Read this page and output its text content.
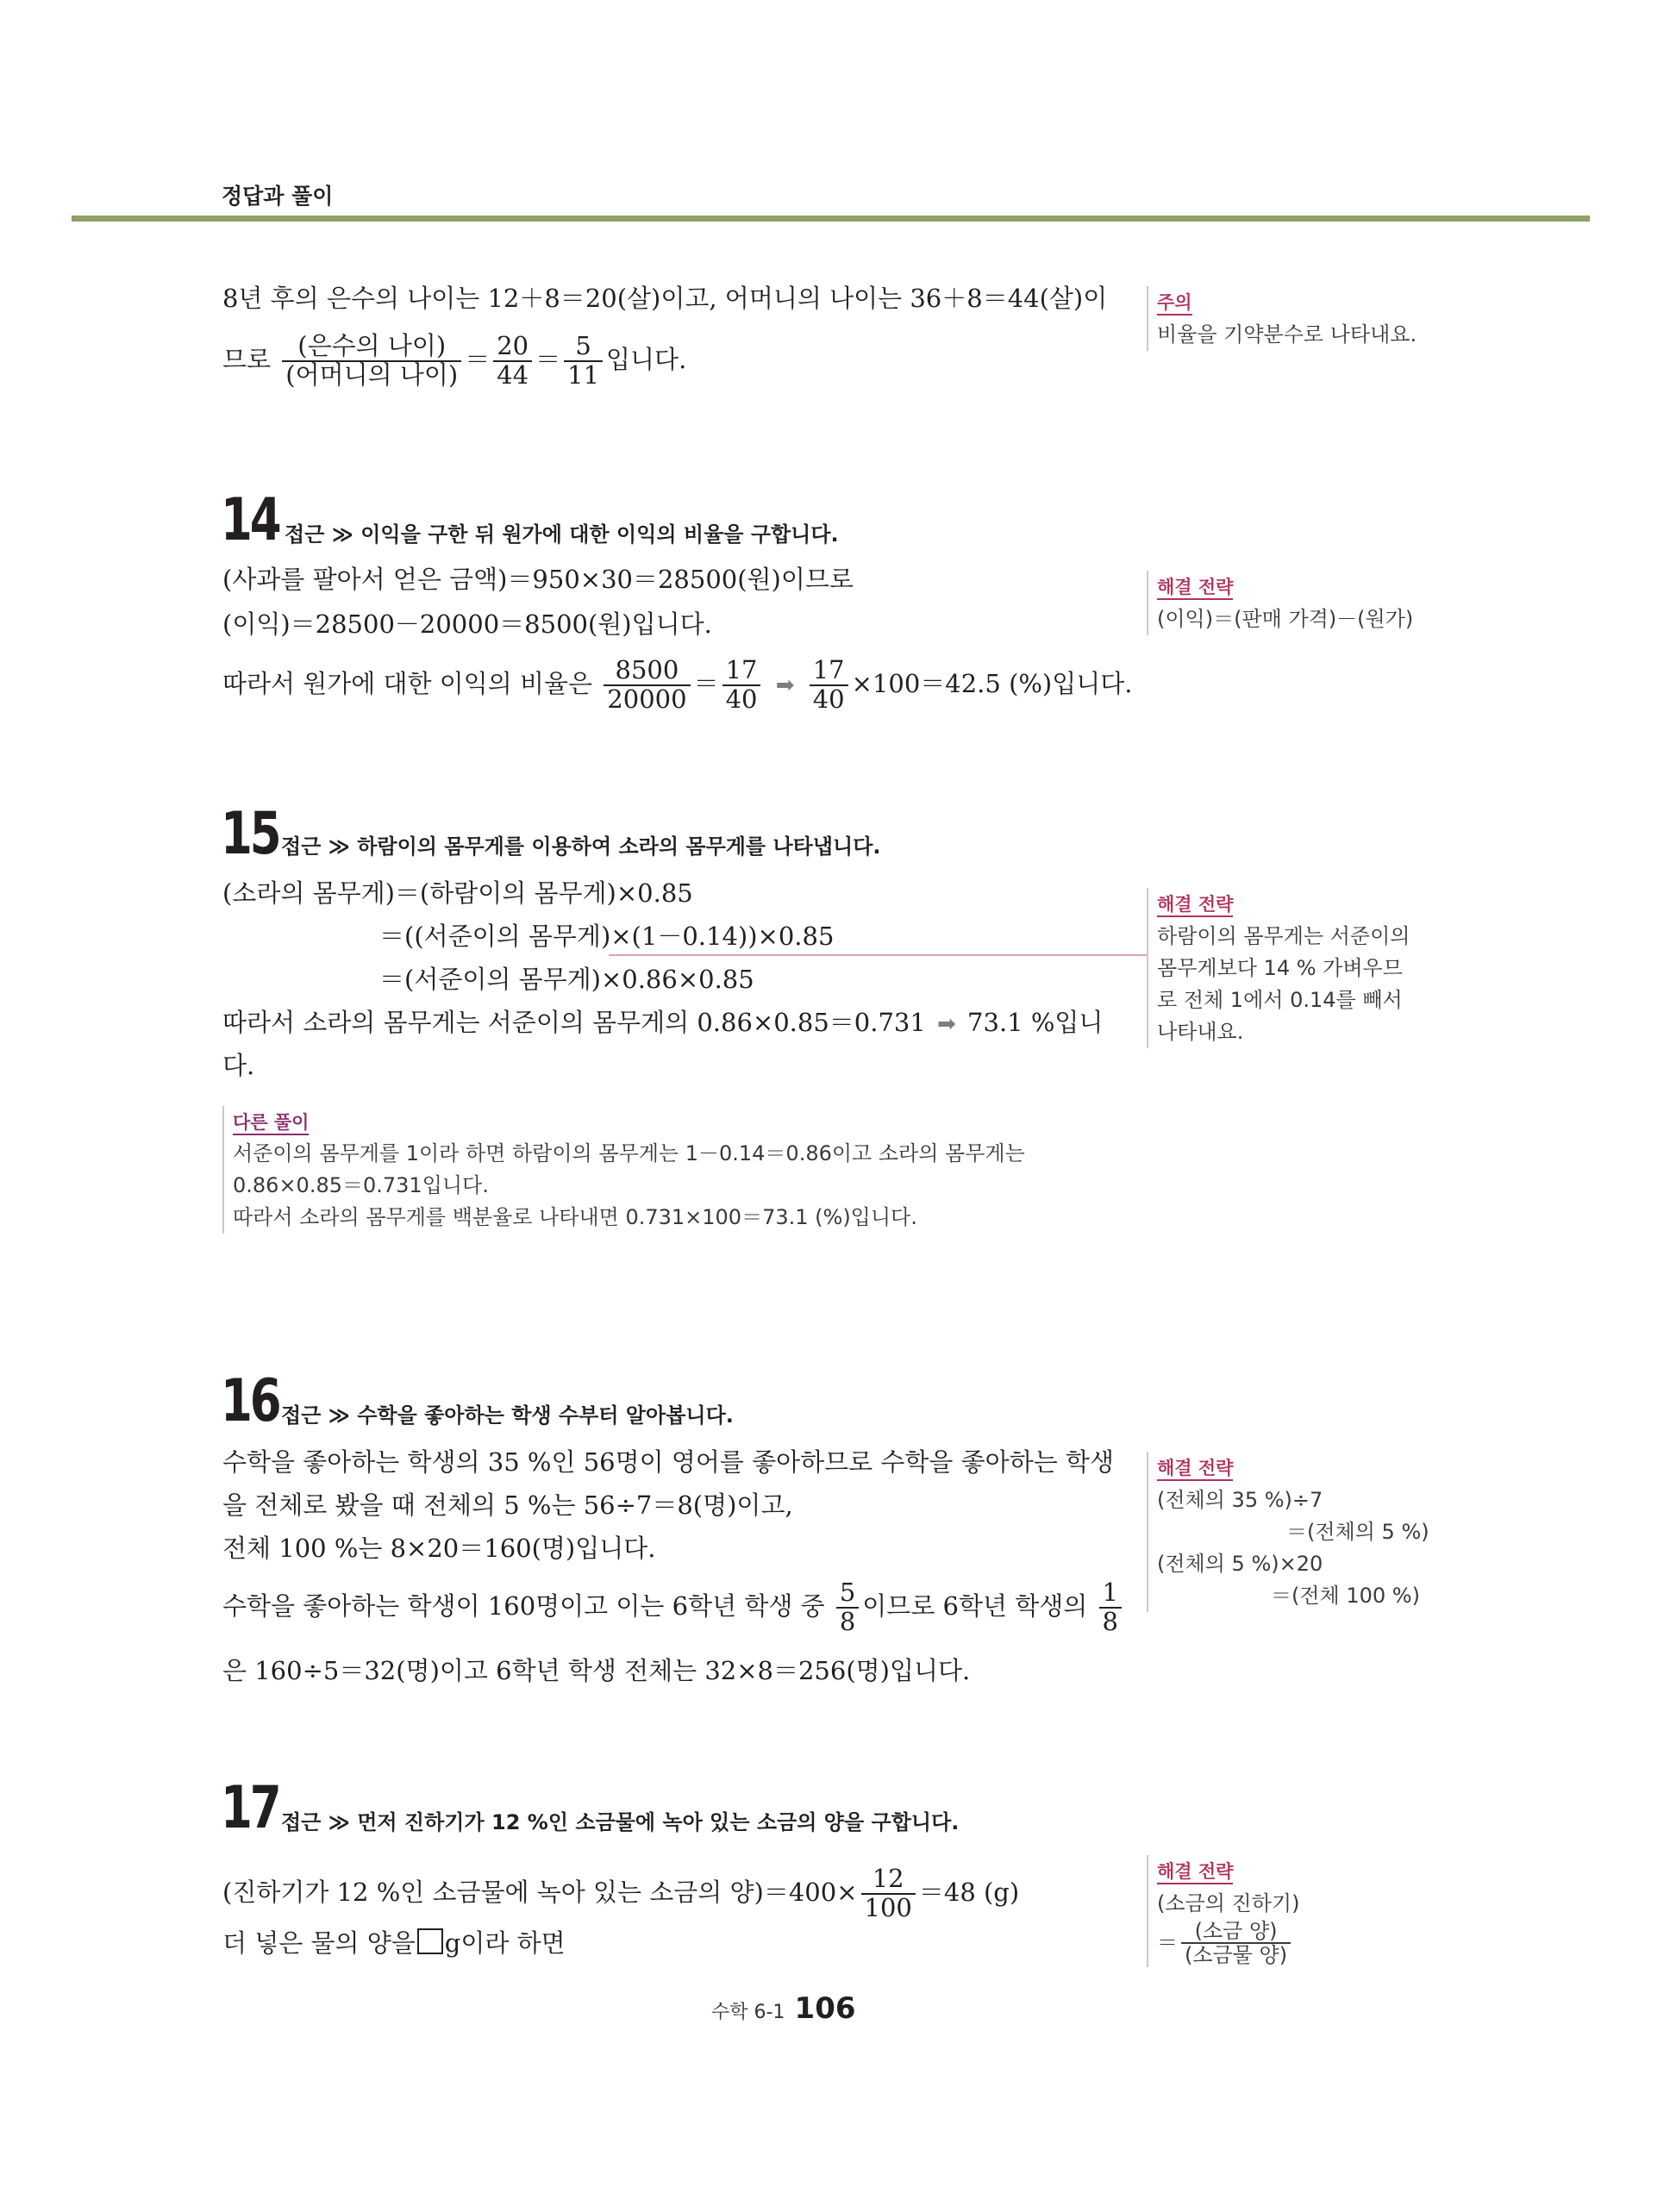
정답과 풀이
8년 후의 은수의 나이는 12＋8＝20(살)이고, 어머니의 나이는 36＋8＝44(살)이
므로 $\frac{\text{(은수의 나이)}}{\text{(어머니의 나이)}} = \frac{20}{44} = \frac{5}{11}$ 입니다.
주의
비율을 기약분수로 나타내요.
14 접근 ≫ 이익을 구한 뒤 원가에 대한 이익의 비율을 구합니다.
(사과를 팔아서 얻은 금액)＝950×30＝28500(원)이므로
(이익)＝28500－20000＝8500(원)입니다.
따라서 원가에 대한 이익의 비율은 $\frac{8500}{20000} = \frac{17}{40}$ ➡ $\frac{17}{40} \times 100=42.5$ (%)입니다.
해결 전략
(이익)＝(판매 가격)－(원가)
15 접근 ≫ 하람이의 몸무게를 이용하여 소라의 몸무게를 나타냅니다.
(소라의 몸무게)＝(하람이의 몸무게)×0.85
＝((서준이의 몸무게)×(1－0.14))×0.85
＝(서준이의 몸무게)×0.86×0.85
따라서 소라의 몸무게는 서준이의 몸무게의 0.86×0.85＝0.731 ➡ 73.1 %입니
다.
해결 전략
하람이의 몸무게는 서준이의
몸무게보다 14 % 가벼우므
로 전체 1에서 0.14를 빼서
나타내요.
다른 풀이
서준이의 몸무게를 1이라 하면 하람이의 몸무게는 1－0.14＝0.86이고 소라의 몸무게는
0.86×0.85＝0.731입니다.
따라서 소라의 몸무게를 백분율로 나타내면 0.731×100＝73.1 (%)입니다.
16 접근 ≫ 수학을 좋아하는 학생 수부터 알아봅니다.
수학을 좋아하는 학생의 35 %인 56명이 영어를 좋아하므로 수학을 좋아하는 학생
을 전체로 봤을 때 전체의 5 %는 56÷7＝8(명)이고,
전체 100 %는 8×20＝160(명)입니다.
수학을 좋아하는 학생이 160명이고 이는 6학년 학생 중 $\frac{5}{8}$ 이므로 6학년 학생의 $\frac{1}{8}$
은 160÷5＝32(명)이고 6학년 학생 전체는 32×8＝256(명)입니다.
해결 전략
(전체의 35 %)÷7
＝(전체의 5 %)
(전체의 5 %)×20
＝(전체 100 %)
17 접근 ≫ 먼저 진하기가 12 %인 소금물에 녹아 있는 소금의 양을 구합니다.
(진하기가 12 %인 소금물에 녹아 있는 소금의 양)$=400\times \frac{12}{100} =48$ (g)
더 넣은 물의 양을 g이라 하면
해결 전략
(소금의 진하기)
＝ $\frac{\text{(소금 양)}}{\text{(소금물 양)}}$
수학 6-1 106
